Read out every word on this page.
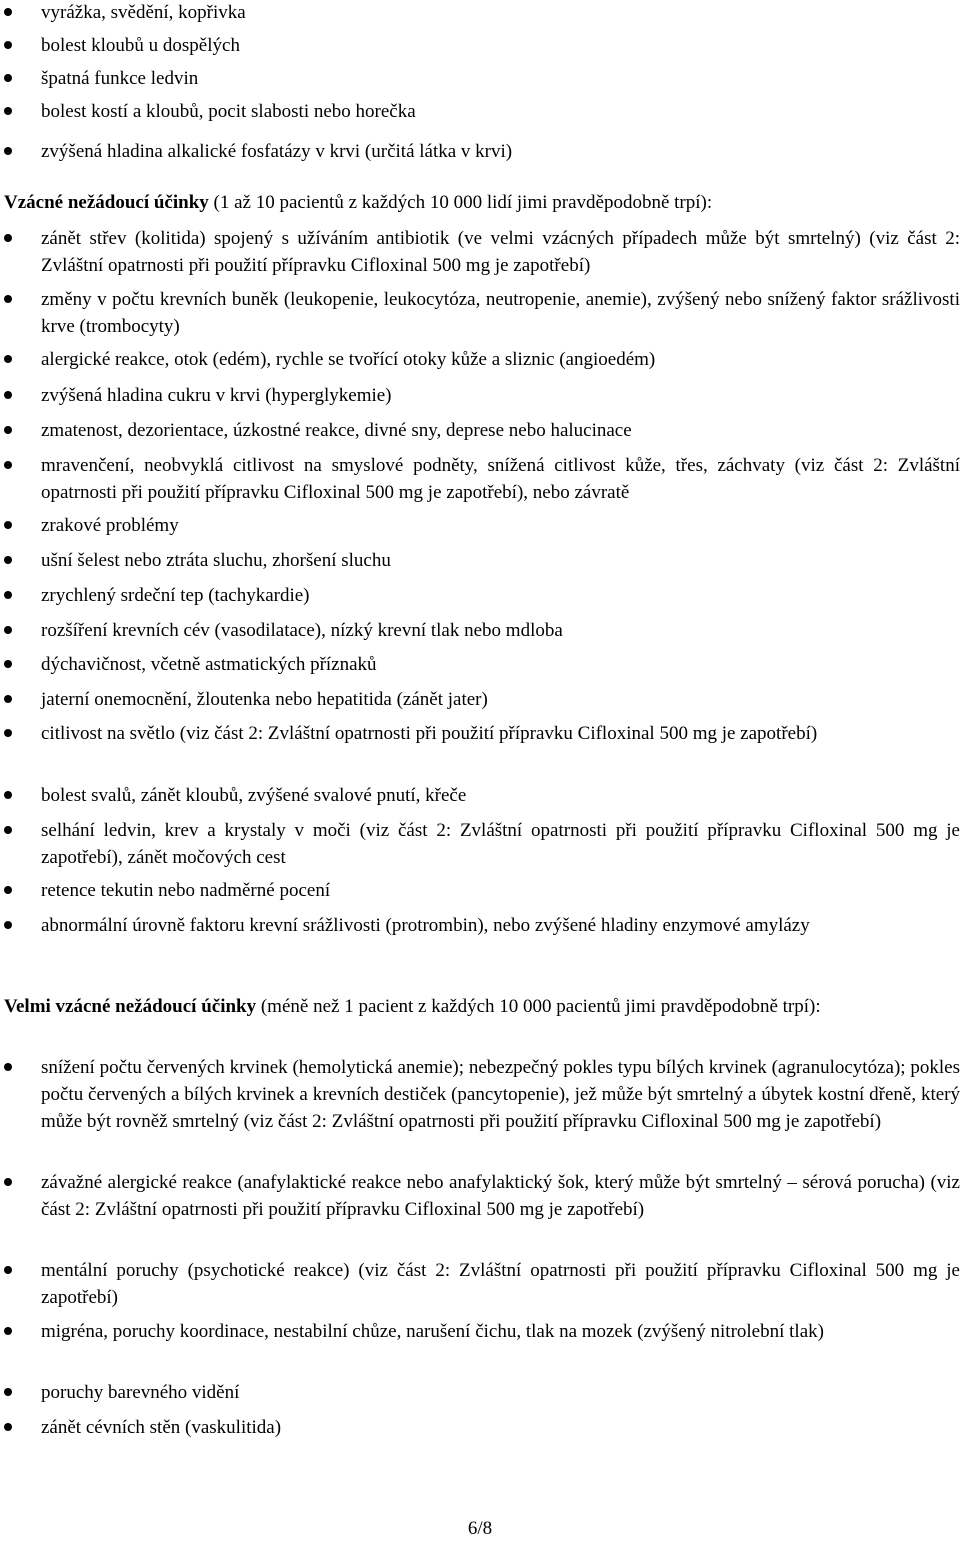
vyrážka, svědění, kopřivka
bolest kloubů u dospělých
špatná funkce ledvin
bolest kostí a kloubů, pocit slabosti nebo horečka
zvýšená hladina alkalické fosfatázy v krvi (určitá látka v krvi)
Vzácné nežádoucí účinky (1 až 10 pacientů z každých 10 000 lidí jimi pravděpodobně trpí):
zánět střev (kolitida) spojený s užíváním antibiotik (ve velmi vzácných případech může být smrtelný) (viz část 2: Zvláštní opatrnosti při použití přípravku Cifloxinal 500 mg je zapotřebí)
změny v počtu krevních buněk (leukopenie, leukocytóza, neutropenie, anemie), zvýšený nebo snížený faktor srážlivosti krve (trombocyty)
alergické reakce, otok (edém), rychle se tvořící otoky kůže a sliznic (angioedém)
zvýšená hladina cukru v krvi (hyperglykemie)
zmatenost, dezorientace, úzkostné reakce, divné sny, deprese nebo halucinace
mravenčení, neobvyklá citlivost na smyslové podněty, snížená citlivost kůže, třes, záchvaty (viz část 2: Zvláštní opatrnosti při použití přípravku Cifloxinal 500 mg je zapotřebí), nebo závratě
zrakové problémy
ušní šelest nebo ztráta sluchu, zhoršení sluchu
zrychlený srdeční tep (tachykardie)
rozšíření krevních cév (vasodilatace), nízký krevní tlak nebo mdloba
dýchavičnost, včetně astmatických příznaků
jaterní onemocnění, žloutenka nebo hepatitida (zánět jater)
citlivost na světlo (viz část 2: Zvláštní opatrnosti při použití přípravku Cifloxinal 500 mg je zapotřebí)
bolest svalů, zánět kloubů, zvýšené svalové pnutí, křeče
selhání ledvin, krev a krystaly v moči (viz část 2: Zvláštní opatrnosti při použití přípravku Cifloxinal 500 mg je zapotřebí), zánět močových cest
retence tekutin nebo nadměrné pocení
abnormální úrovně faktoru krevní srážlivosti (protrombin), nebo zvýšené hladiny enzymové amylázy
Velmi vzácné nežádoucí účinky (méně než 1 pacient z každých 10 000 pacientů jimi pravděpodobně trpí):
snížení počtu červených krvinek (hemolytická anemie); nebezpečný pokles typu bílých krvinek (agranulocytóza); pokles počtu červených a bílých krvinek a krevních destiček (pancytopenie), jež může být smrtelný a úbytek kostní dřeně, který může být rovněž smrtelný (viz část 2: Zvláštní opatrnosti při použití přípravku Cifloxinal 500 mg je zapotřebí)
závažné alergické reakce (anafylaktické reakce nebo anafylaktický šok, který může být smrtelný – sérová porucha) (viz část 2: Zvláštní opatrnosti při použití přípravku Cifloxinal 500 mg je zapotřebí)
mentální poruchy (psychotické reakce) (viz část 2: Zvláštní opatrnosti při použití přípravku Cifloxinal 500 mg je zapotřebí)
migréna, poruchy koordinace, nestabilní chůze, narušení čichu, tlak na mozek (zvýšený nitrolební tlak)
poruchy barevného vidění
zánět cévních stěn (vaskulitida)
6/8
